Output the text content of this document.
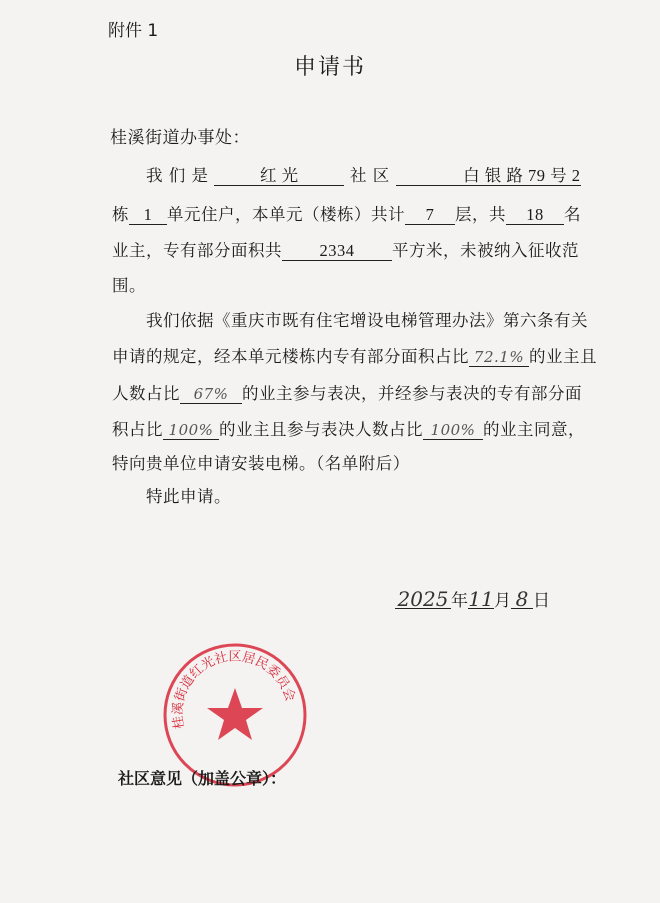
附件 1
申请书
桂溪街道办事处：
我 们 是	红 光	社 区	白 银 路 79 号 2
栋 1 单元住户，本单元（楼栋）共计 7 层，共 18 名
业主，专有部分面积共 2334 平方米，未被纳入征收范
围。
我们依据《重庆市既有住宅增设电梯管理办法》第六条有关
申请的规定，经本单元楼栋内专有部分面积占比 72.1% 的业主且
人数占比 67% 的业主参与表决，并经参与表决的专有部分面
积占比 100% 的业主且参与表决人数占比 100% 的业主同意，
特向贵单位申请安装电梯。（名单附后）
特此申请。
2025 年11月 8 日
桂溪街道红光社区居民委员会
社区意见（加盖公章）：
